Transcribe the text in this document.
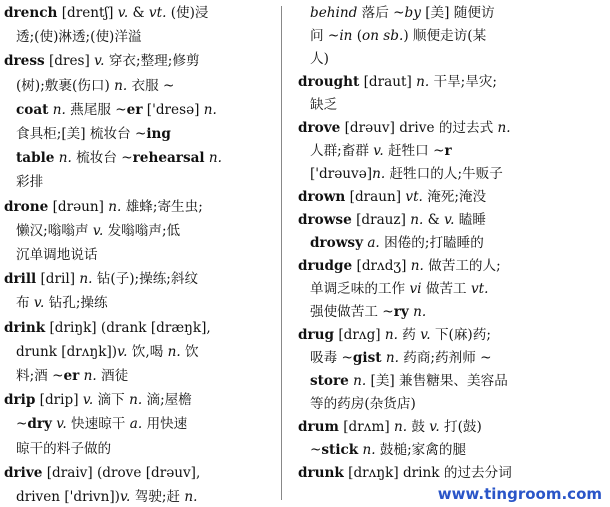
drench [drentʃ] v. & vt. (使)浸
透;(使)淋透;(使)洋溢
dress [dres] v. 穿衣;整理;修剪
(树);敷裹(伤口) n. 衣服 ~
coat n. 燕尾服 ~er ['dresə] n.
食具柜;[美] 梳妆台 ~ing
table n. 梳妆台 ~rehearsal n.
彩排
drone [drəun] n. 雄蜂;寄生虫;
懒汉;嗡嗡声 v. 发嗡嗡声;低
沉单调地说话
drill [dril] n. 钻(子);操练;斜纹
布 v. 钻孔;操练
drink [driŋk] (drank [dræŋk],
drunk [drʌŋk])v. 饮,喝 n. 饮
料;酒 ~er n. 酒徒
drip [drip] v. 滴下 n. 滴;屋檐
~dry v. 快速晾干 a. 用快速
晾干的料子做的
drive [draiv] (drove [drəuv],
driven ['drivn])v. 驾驶;赶 n.
behind 落后 ~by [美] 随便访
问 ~in (on sb.) 顺便走访(某
人)
drought [draut] n. 干旱;旱灾;
缺乏
drove [drəuv] drive 的过去式 n.
人群;畜群 v. 赶牲口 ~r
['drəuvə]n. 赶牲口的人;牛贩子
drown [draun] vt. 淹死;淹没
drowse [drauz] n. & v. 瞌睡
drowsy a. 困倦的;打瞌睡的
drudge [drʌdʒ] n. 做苦工的人;
单调乏味的工作 vi 做苦工 vt.
强使做苦工 ~ry n.
drug [drʌg] n. 药 v. 下(麻)药;
吸毒 ~gist n. 药商;药剂师 ~
store n. [美] 兼售糖果、美容品
等的药房(杂货店)
drum [drʌm] n. 鼓 v. 打(鼓)
~stick n. 鼓槌;家禽的腿
drunk [drʌŋk] drink 的过去分词
www.tingroom.com
